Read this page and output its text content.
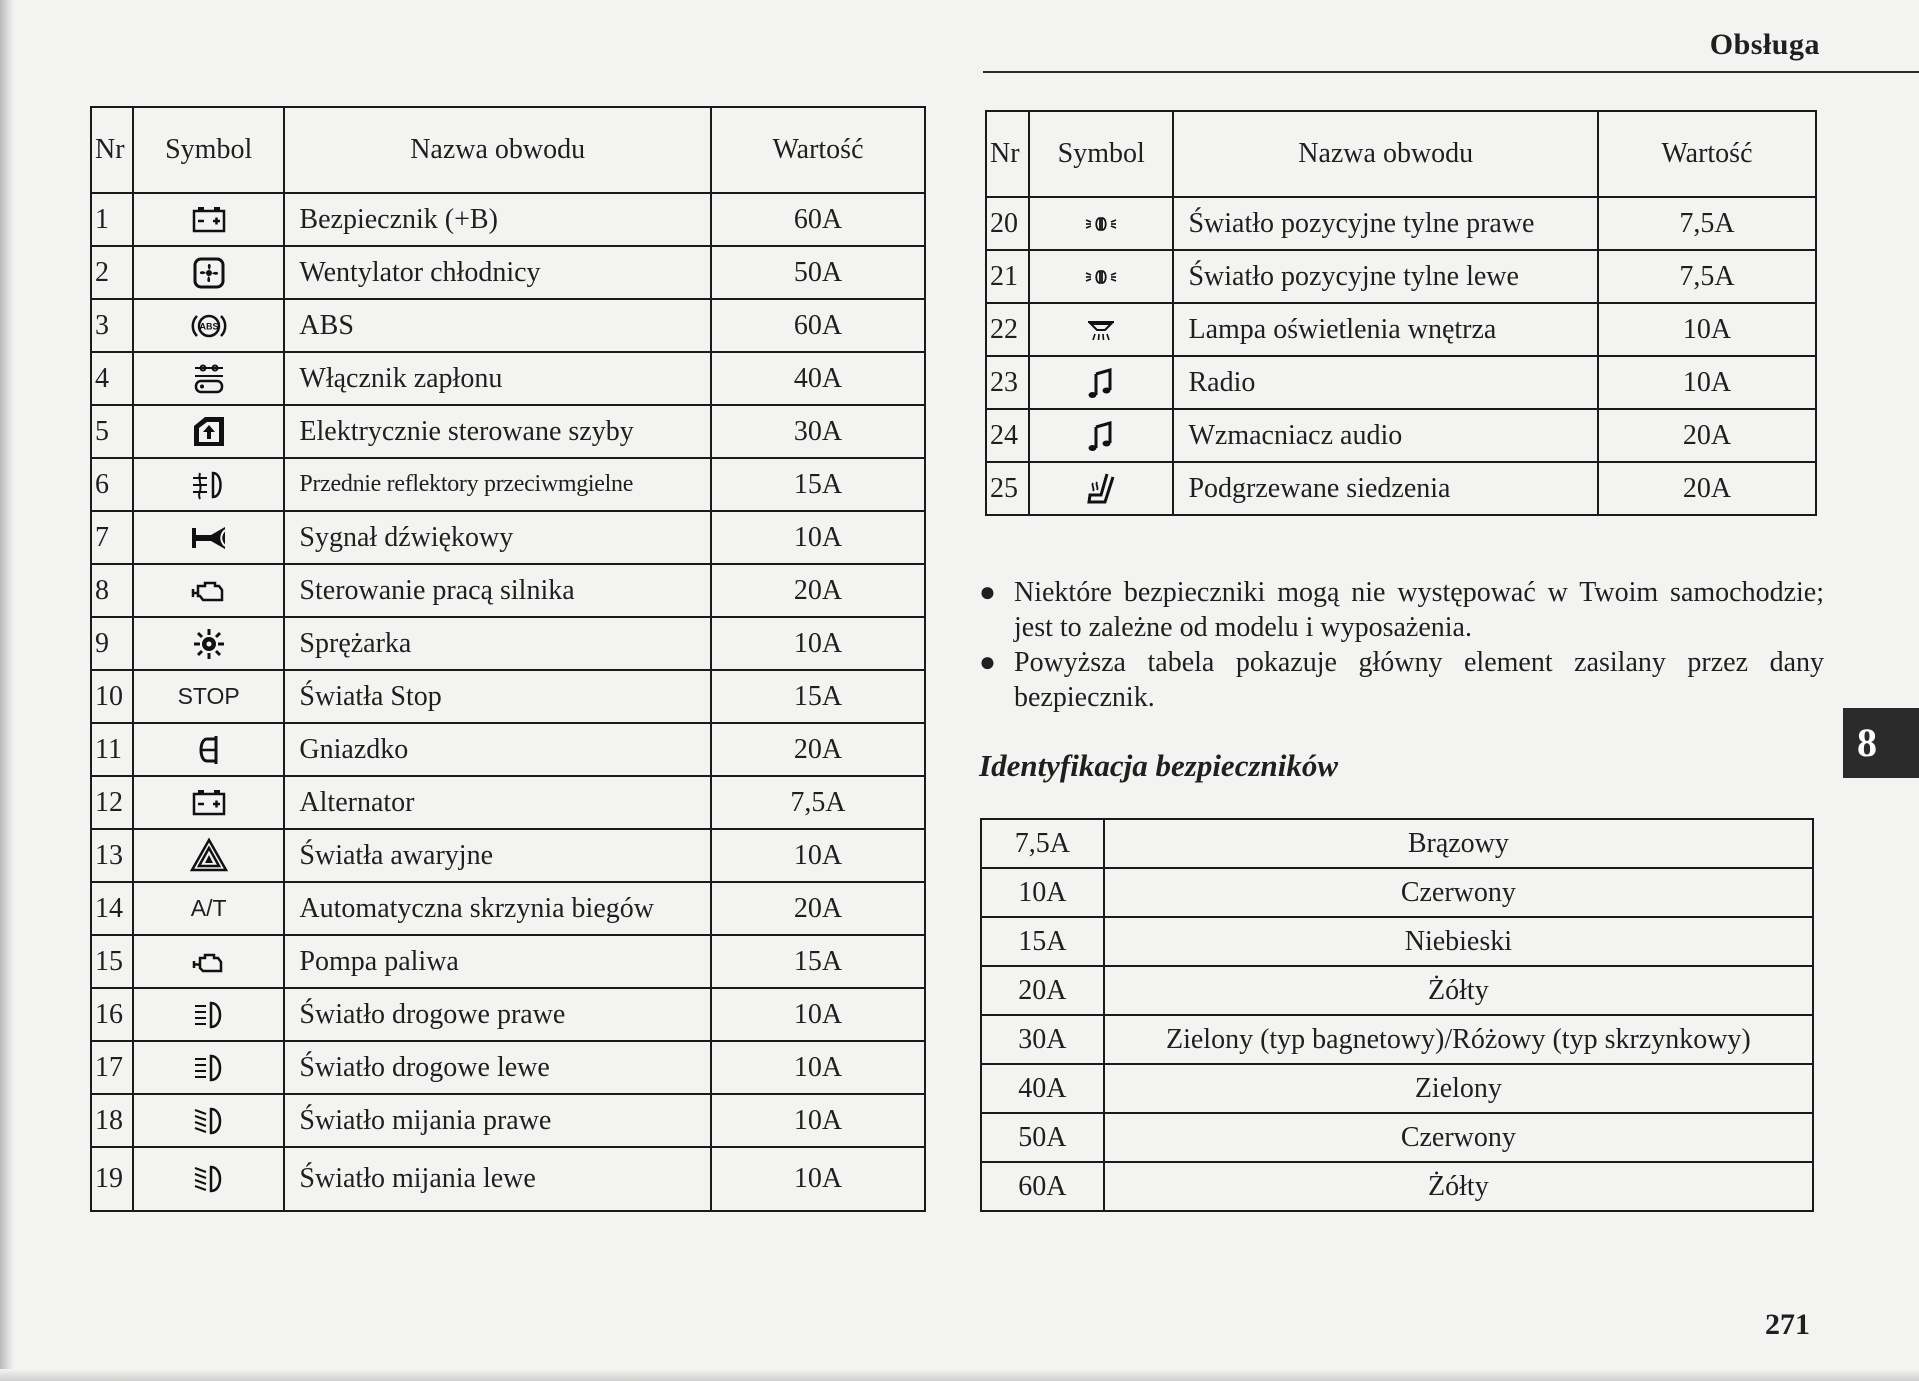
Obsługa
Nr	Symbol	Nazwa obwodu	Wartość
1		Bezpiecznik (+B)	60A
2		Wentylator chłodnicy	50A
3	ABS	ABS	60A
4		Włącznik zapłonu	40A
5		Elektrycznie sterowane szyby	30A
6		Przednie reflektory przeciwmgielne	15A
7		Sygnał dźwiękowy	10A
8		Sterowanie pracą silnika	20A
9		Sprężarka	10A
10	STOP	Światła Stop	15A
11		Gniazdko	20A
12		Alternator	7,5A
13		Światła awaryjne	10A
14	A/T	Automatyczna skrzynia biegów	20A
15		Pompa paliwa	15A
16		Światło drogowe prawe	10A
17		Światło drogowe lewe	10A
18		Światło mijania prawe	10A
19		Światło mijania lewe	10A
Nr	Symbol	Nazwa obwodu	Wartość
20		Światło pozycyjne tylne prawe	7,5A
21		Światło pozycyjne tylne lewe	7,5A
22		Lampa oświetlenia wnętrza	10A
23		Radio	10A
24		Wzmacniacz audio	20A
25		Podgrzewane siedzenia	20A
● Niektóre bezpieczniki mogą nie występować w Twoim samochodzie; jest to zależne od modelu i wyposażenia.
● Powyższa tabela pokazuje główny element zasilany przez dany bezpiecznik.
Identyfikacja bezpieczników
7,5A	Brązowy
10A	Czerwony
15A	Niebieski
20A	Żółty
30A	Zielony (typ bagnetowy)/Różowy (typ skrzynkowy)
40A	Zielony
50A	Czerwony
60A	Żółty
8
271
